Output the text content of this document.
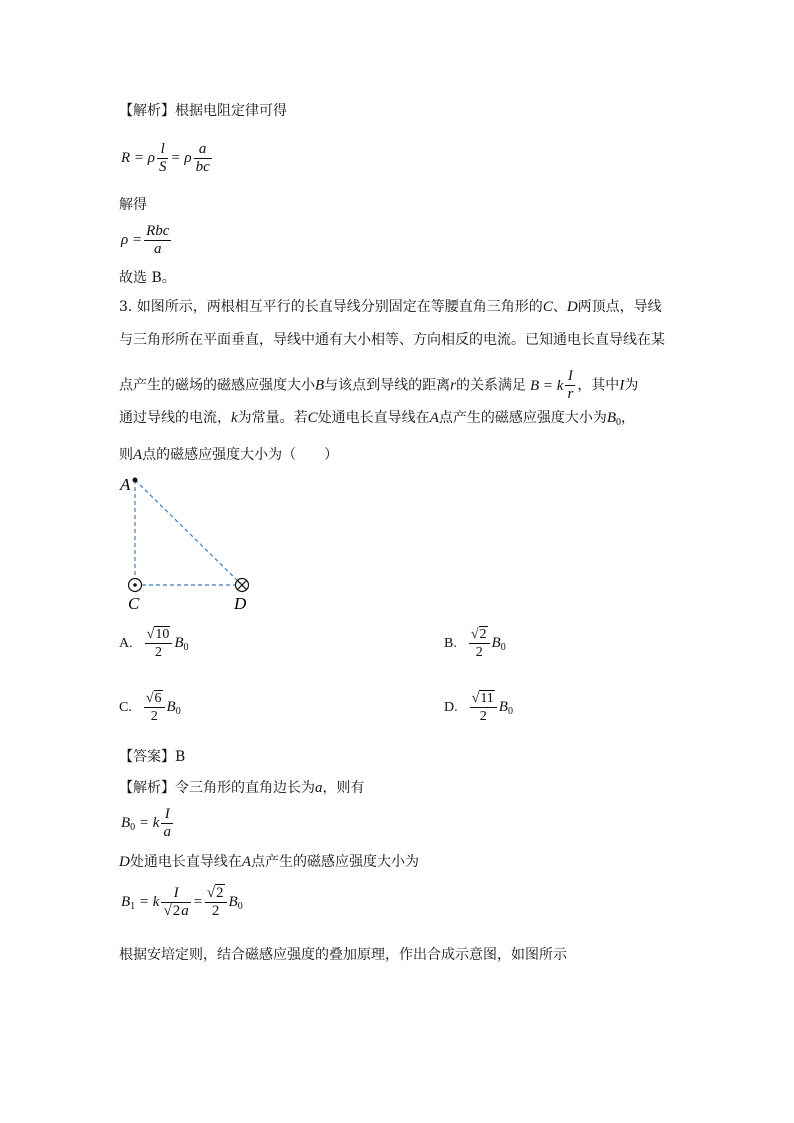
【解析】根据电阻定律可得
R = ρ $\frac{l}{S} = \rho \frac{a}{bc}$
解得
$\rho = \frac{\text{Rbc}}{a}$
故选 B。
3. 如图所示，两根相互平行的长直导线分别固定在等腰直角三角形的C、D两顶点，导线
与三角形所在平面垂直，导线中通有大小相等、方向相反的电流。已知通电长直导线在某
点产生的磁场的磁感应强度大小B与该点到导线的距离r的关系满足 B = k $\frac{I}{r}$ ，其中I为
通过导线的电流，k为常量。若C处通电长直导线在A点产生的磁感应强度大小为$B_0$，
则A点的磁感应强度大小为（　　）
A
C	D
A. $\frac{√10}{2} B_0$	B. $\frac{√2}{2} B_0$
C. $\frac{√6}{2} B_0$	D. $\frac{√11}{2} B_0$
【答案】B
【解析】令三角形的直角边长为a，则有
$B_0 = k \frac{I}{a}$
D处通电长直导线在A点产生的磁感应强度大小为
$B_1 = k \frac{I}{√2a} = \frac{√2}{2} B_0$
根据安培定则，结合磁感应强度的叠加原理，作出合成示意图，如图所示
